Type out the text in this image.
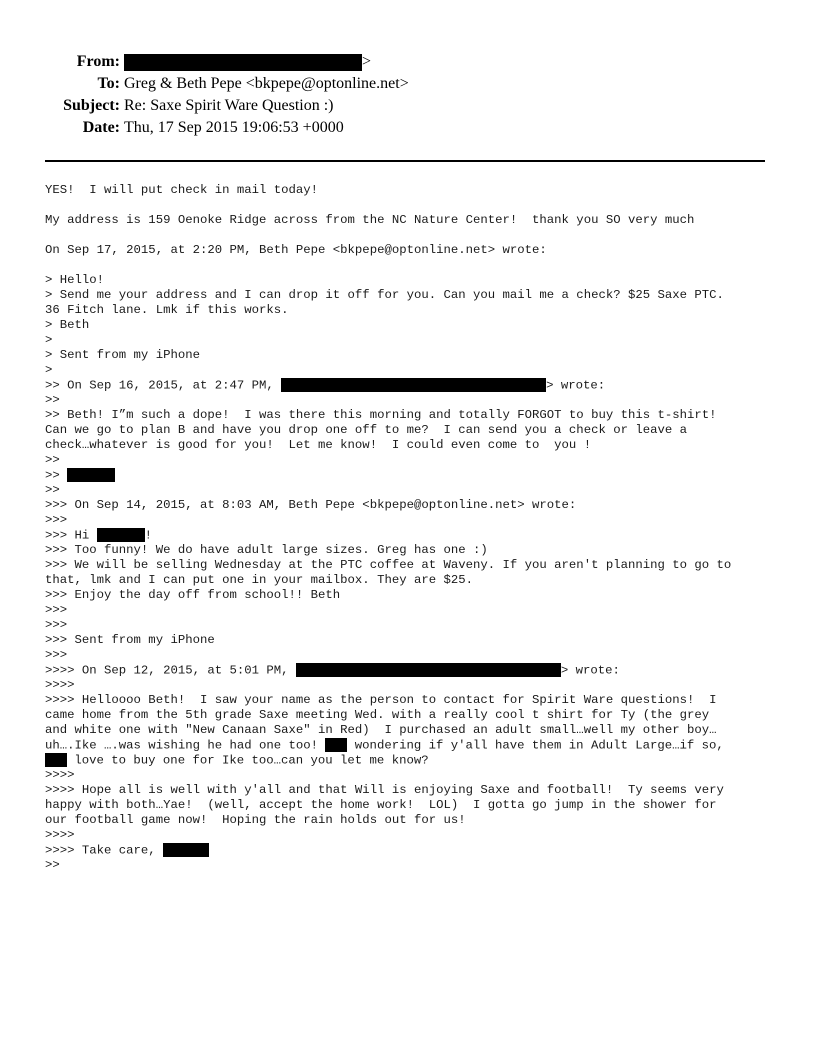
From:	>
To: Greg & Beth Pepe <bkpepe@optonline.net>
Subject: Re: Saxe Spirit Ware Question :)
Date: Thu, 17 Sep 2015 19:06:53 +0000
YES!  I will put check in mail today!
My address is 159 Oenoke Ridge across from the NC Nature Center!  thank you SO very much
On Sep 17, 2015, at 2:20 PM, Beth Pepe <bkpepe@optonline.net> wrote:
> Hello!
> Send me your address and I can drop it off for you. Can you mail me a check? $25 Saxe PTC.
36 Fitch lane. Lmk if this works.
> Beth
>
> Sent from my iPhone
>
>> On Sep 16, 2015, at 2:47 PM,	> wrote:
>>
>> Beth! I”m such a dope!  I was there this morning and totally FORGOT to buy this t-shirt!
Can we go to plan B and have you drop one off to me?  I can send you a check or leave a
check…whatever is good for you!  Let me know!  I could even come to  you !
>>
>>
>>
>>> On Sep 14, 2015, at 8:03 AM, Beth Pepe <bkpepe@optonline.net> wrote:
>>>
>>> Hi	!
>>> Too funny! We do have adult large sizes. Greg has one :)
>>> We will be selling Wednesday at the PTC coffee at Waveny. If you aren't planning to go to
that, lmk and I can put one in your mailbox. They are $25.
>>> Enjoy the day off from school!! Beth
>>>
>>>
>>> Sent from my iPhone
>>>
>>>> On Sep 12, 2015, at 5:01 PM,	> wrote:
>>>>
>>>> Helloooo Beth!  I saw your name as the person to contact for Spirit Ware questions!  I
came home from the 5th grade Saxe meeting Wed. with a really cool t shirt for Ty (the grey
and white one with "New Canaan Saxe" in Red)  I purchased an adult small…well my other boy…
uh….Ike ….was wishing he had one too!  wondering if y'all have them in Adult Large…if so,
love to buy one for Ike too…can you let me know?
>>>>
>>>> Hope all is well with y'all and that Will is enjoying Saxe and football!  Ty seems very
happy with both…Yae!  (well, accept the home work!  LOL)  I gotta go jump in the shower for
our football game now!  Hoping the rain holds out for us!
>>>>
>>>> Take care,
>>
